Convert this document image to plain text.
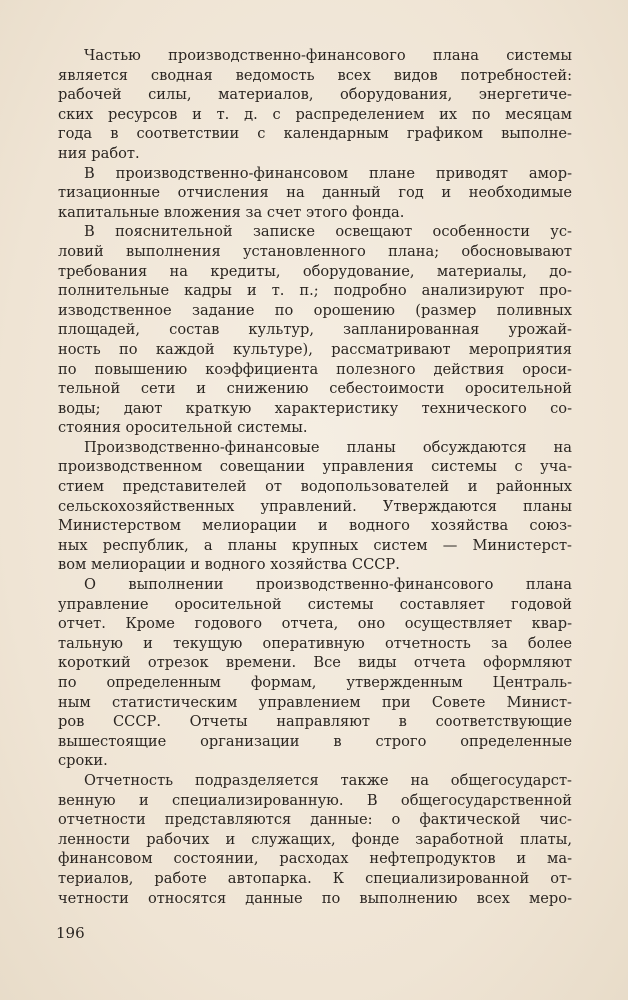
Частью производственно-финансового плана системы
является сводная ведомость всех видов потребностей:
рабочей силы, материалов, оборудования, энергетиче-
ских ресурсов и т. д. с распределением их по месяцам
года в соответствии с календарным графиком выполне-
ния работ.
В производственно-финансовом плане приводят амор-
тизационные отчисления на данный год и необходимые
капитальные вложения за счет этого фонда.
В пояснительной записке освещают особенности ус-
ловий выполнения установленного плана; обосновывают
требования на кредиты, оборудование, материалы, до-
полнительные кадры и т. п.; подробно анализируют про-
изводственное задание по орошению (размер поливных
площадей, состав культур, запланированная урожай-
ность по каждой культуре), рассматривают мероприятия
по повышению коэффициента полезного действия ороси-
тельной сети и снижению себестоимости оросительной
воды; дают краткую характеристику технического со-
стояния оросительной системы.
Производственно-финансовые планы обсуждаются на
производственном совещании управления системы с уча-
стием представителей от водопользователей и районных
сельскохозяйственных управлений. Утверждаются планы
Министерством мелиорации и водного хозяйства союз-
ных республик, а планы крупных систем — Министерст-
вом мелиорации и водного хозяйства СССР.
О выполнении производственно-финансового плана
управление оросительной системы составляет годовой
отчет. Кроме годового отчета, оно осуществляет квар-
тальную и текущую оперативную отчетность за более
короткий отрезок времени. Все виды отчета оформляют
по определенным формам, утвержденным Централь-
ным статистическим управлением при Совете Минист-
ров СССР. Отчеты направляют в соответствующие
вышестоящие организации в строго определенные
сроки.
Отчетность подразделяется также на общегосударст-
венную и специализированную. В общегосударственной
отчетности представляются данные: о фактической чис-
ленности рабочих и служащих, фонде заработной платы,
финансовом состоянии, расходах нефтепродуктов и ма-
териалов, работе автопарка. К специализированной от-
четности относятся данные по выполнению всех меро-
196
